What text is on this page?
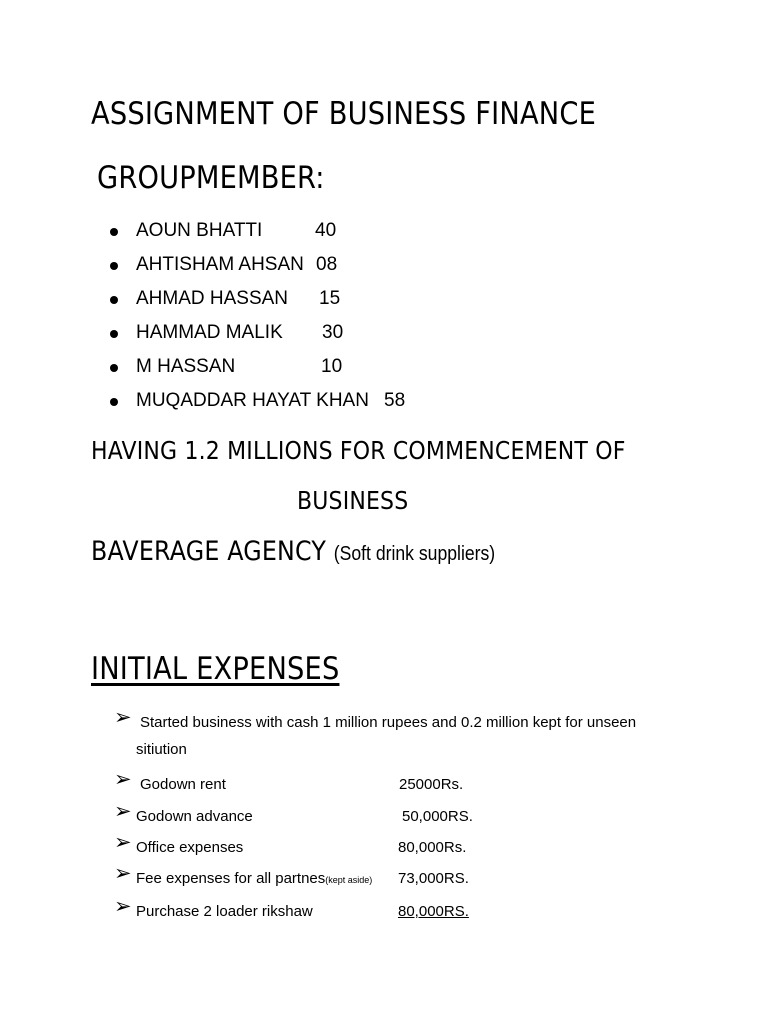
ASSIGNMENT OF BUSINESS FINANCE
GROUPMEMBER:
AOUN BHATTI	40
AHTISHAM AHSAN 08
AHMAD HASSAN 15
HAMMAD MALIK 30
M HASSAN	10
MUQADDAR HAYAT KHAN 58
HAVING 1.2 MILLIONS FOR COMMENCEMENT OF
BUSINESS
BAVERAGE AGENCY (Soft drink suppliers)
INITIAL EXPENSES
➢ Started business with cash 1 million rupees and 0.2 million kept for unseen
sitiution
➢ Godown rent	25000Rs.
➢ Godown advance	50,000RS.
➢ Office expenses	80,000Rs.
➢ Fee expenses for all partnes(kept aside) 73,000RS.
➢ Purchase 2 loader rikshaw	80,000RS.
